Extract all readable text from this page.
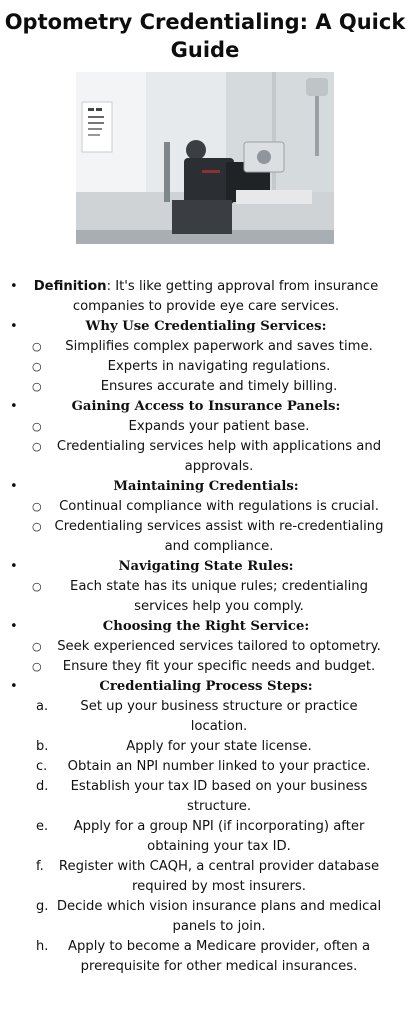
Optometry Credentialing: A Quick Guide
•	Definition: It's like getting approval from insurance companies to provide eye care services.
•	Why Use Credentialing Services:
○	Simplifies complex paperwork and saves time.
○	Experts in navigating regulations.
○	Ensures accurate and timely billing.
•	Gaining Access to Insurance Panels:
○	Expands your patient base.
○	Credentialing services help with applications and approvals.
•	Maintaining Credentials:
○	Continual compliance with regulations is crucial.
○ Credentialing services assist with re-credentialing and compliance.
•	Navigating State Rules:
○	Each state has its unique rules; credentialing services help you comply.
•	Choosing the Right Service:
○	Seek experienced services tailored to optometry.
○	Ensure they fit your specific needs and budget.
•	Credentialing Process Steps:
a.	Set up your business structure or practice location.
b.	Apply for your state license.
c.	Obtain an NPI number linked to your practice.
d.	Establish your tax ID based on your business structure.
e.	Apply for a group NPI (if incorporating) after obtaining your tax ID.
f.	Register with CAQH, a central provider database required by most insurers.
g. Decide which vision insurance plans and medical panels to join.
h.	Apply to become a Medicare provider, often a prerequisite for other medical insurances.
